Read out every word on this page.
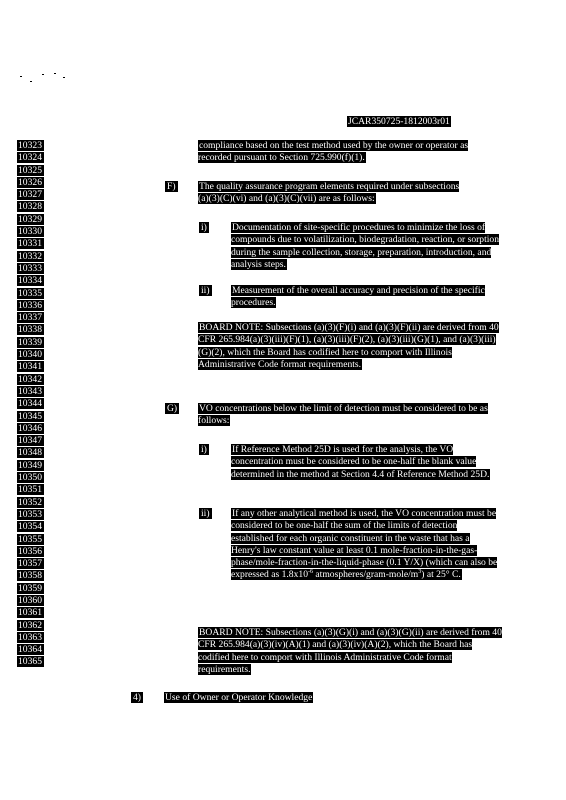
JCAR350725-1812003r01
10323
10324
10325
10326
10327
10328
10329
10330
10331
10332
10333
10334
10335
10336
10337
10338
10339
10340
10341
10342
10343
10344
10345
10346
10347
10348
10349
10350
10351
10352
10353
10354
10355
10356
10357
10358
10359
10360
10361
10362
10363
10364
10365
compliance based on the test method used by the owner or operator as recorded pursuant to Section 725.990(f)(1).
F) The quality assurance program elements required under subsections (a)(3)(C)(vi) and (a)(3)(C)(vii) are as follows:
i)	Documentation of site-specific procedures to minimize the loss of compounds due to volatilization, biodegradation, reaction, or sorption during the sample collection, storage, preparation, introduction, and analysis steps.
ii) Measurement of the overall accuracy and precision of the specific procedures.
BOARD NOTE: Subsections (a)(3)(F)(i) and (a)(3)(F)(ii) are derived from 40 CFR 265.984(a)(3)(iii)(F)(1), (a)(3)(iii)(F)(2), (a)(3)(iii)(G)(1), and (a)(3)(iii)(G)(2), which the Board has codified here to comport with Illinois Administrative Code format requirements.
G) VO concentrations below the limit of detection must be considered to be as follows:
i)	If Reference Method 25D is used for the analysis, the VO concentration must be considered to be one-half the blank value determined in the method at Section 4.4 of Reference Method 25D.
ii) If any other analytical method is used, the VO concentration must be considered to be one-half the sum of the limits of detection established for each organic constituent in the waste that has a Henry's law constant value at least 0.1 mole-fraction-in-the-gas-phase/mole-fraction-in-the-liquid-phase (0.1 Y/X) (which can also be expressed as $1.8x10^{-6}$ atmospheres/$gram-mole/m^3$) at 25° C.
BOARD NOTE: Subsections (a)(3)(G)(i) and (a)(3)(G)(ii) are derived from 40 CFR 265.984(a)(3)(iv)(A)(1) and (a)(3)(iv)(A)(2), which the Board has codified here to comport with Illinois Administrative Code format requirements.
4)	Use of Owner or Operator Knowledge
